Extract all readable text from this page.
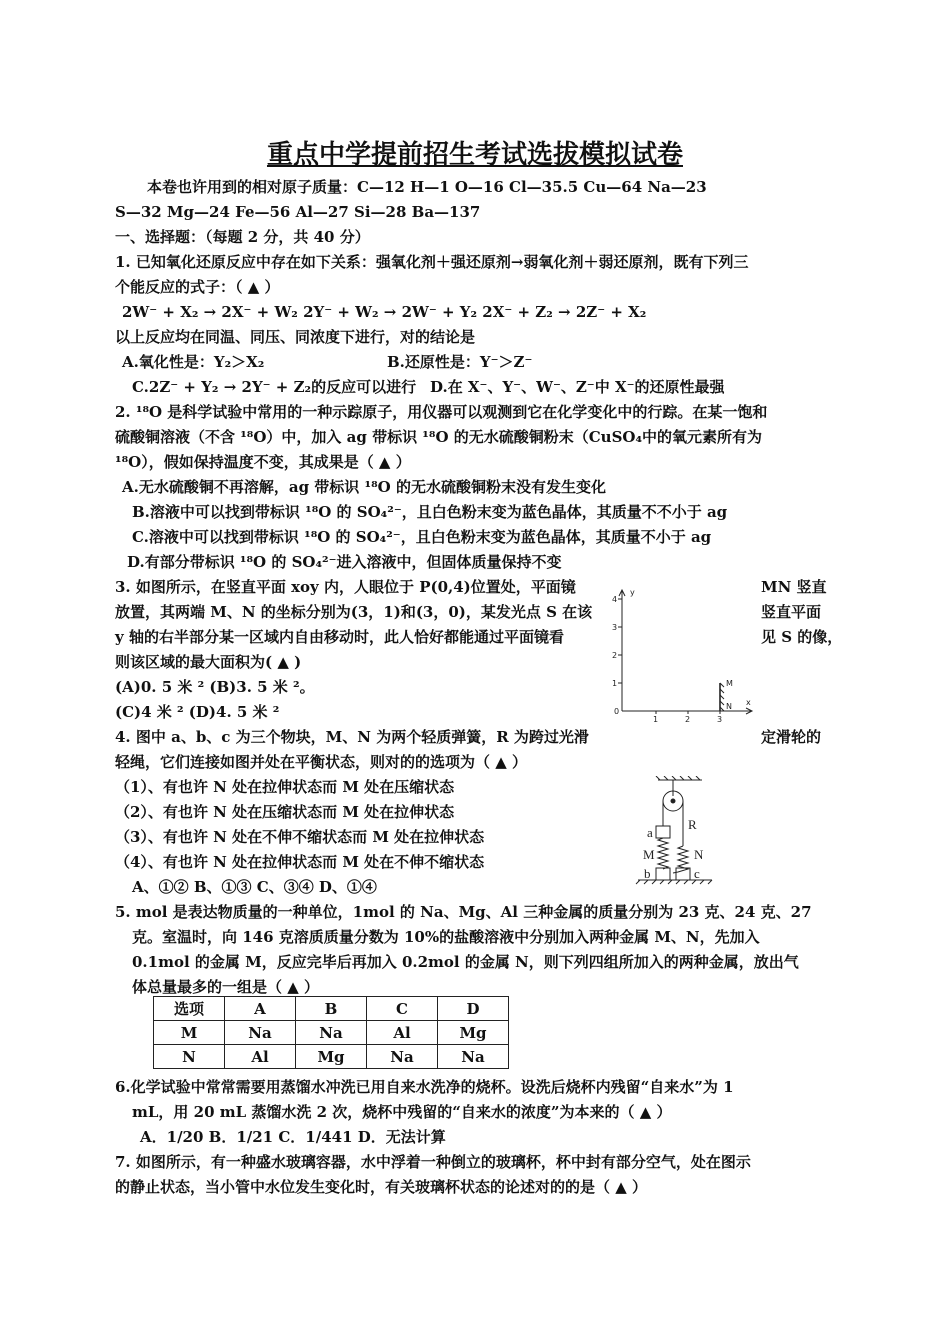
重点中学提前招生考试选拔模拟试卷
本卷也许用到的相对原子质量：C—12 H—1 O—16 Cl—35.5 Cu—64 Na—23
S—32 Mg—24 Fe—56 Al—27 Si—28 Ba—137
一、选择题：（每题 2 分，共 40 分）
1. 已知氧化还原反应中存在如下关系：强氧化剂＋强还原剂→弱氧化剂＋弱还原剂，既有下列三
个能反应的式子：（ ▲ ）
2W⁻ + X₂ → 2X⁻ + W₂ 2Y⁻ + W₂ → 2W⁻ + Y₂ 2X⁻ + Z₂ → 2Z⁻ + X₂
以上反应均在同温、同压、同浓度下进行，对的结论是
A.氧化性是：Y₂＞X₂	B.还原性是：Y⁻＞Z⁻
C.2Z⁻ + Y₂ → 2Y⁻ + Z₂的反应可以进行 D.在 X⁻、Y⁻、W⁻、Z⁻中 X⁻的还原性最强
2. ¹⁸O 是科学试验中常用的一种示踪原子，用仪器可以观测到它在化学变化中的行踪。在某一饱和
硫酸铜溶液（不含 ¹⁸O）中，加入 ag 带标识 ¹⁸O 的无水硫酸铜粉末（CuSO₄中的氧元素所有为
¹⁸O），假如保持温度不变，其成果是（ ▲ ）
A.无水硫酸铜不再溶解，ag 带标识 ¹⁸O 的无水硫酸铜粉末没有发生变化
B.溶液中可以找到带标识 ¹⁸O 的 SO₄²⁻，且白色粉末变为蓝色晶体，其质量不不小于 ag
C.溶液中可以找到带标识 ¹⁸O 的 SO₄²⁻，且白色粉末变为蓝色晶体，其质量不小于 ag
D.有部分带标识 ¹⁸O 的 SO₄²⁻进入溶液中，但固体质量保持不变
3. 如图所示，在竖直平面 xoy 内，人眼位于 P(0,4)位置处，平面镜	MN 竖直
放置，其两端 M、N 的坐标分别为(3，1)和(3，0)，某发光点 S 在该	竖直平面
y 轴的右半部分某一区域内自由移动时，此人恰好都能通过平面镜看	见 S 的像，
则该区域的最大面积为( ▲ )
(A)0. 5 米 ² (B)3. 5 米 ²。
(C)4 米 ² (D)4. 5 米 ²
y
x
4
3
2
1
0
1	2	3
M
N
4. 图中 a、b、c 为三个物块，M、N 为两个轻质弹簧，R 为跨过光滑	定滑轮的
轻绳，它们连接如图并处在平衡状态，则对的的选项为（ ▲ ）
（1）、有也许 N 处在拉伸状态而 M 处在压缩状态
（2）、有也许 N 处在压缩状态而 M 处在拉伸状态
（3）、有也许 N 处在不伸不缩状态而 M 处在拉伸状态
（4）、有也许 N 处在拉伸状态而 M 处在不伸不缩状态
A、①② B、①③ C、③④ D、①④
a
R
M	N
b	c
5. mol 是表达物质量的一种单位，1mol 的 Na、Mg、Al 三种金属的质量分别为 23 克、24 克、27
克。室温时，向 146 克溶质质量分数为 10%的盐酸溶液中分别加入两种金属 M、N，先加入
0.1mol 的金属 M，反应完毕后再加入 0.2mol 的金属 N，则下列四组所加入的两种金属，放出气
体总量最多的一组是（ ▲ ）
选项	A	B	C	D
M	Na	Na	Al	Mg
N	Al	Mg	Na	Na
6.化学试验中常常需要用蒸馏水冲洗已用自来水洗净的烧杯。设洗后烧杯内残留“自来水”为 1
mL，用 20 mL 蒸馏水洗 2 次，烧杯中残留的“自来水的浓度”为本来的（ ▲ ）
A．1/20 B．1/21 C．1/441 D．无法计算
7. 如图所示，有一种盛水玻璃容器，水中浮着一种倒立的玻璃杯，杯中封有部分空气，处在图示
的静止状态，当小管中水位发生变化时，有关玻璃杯状态的论述对的的是（ ▲ ）
